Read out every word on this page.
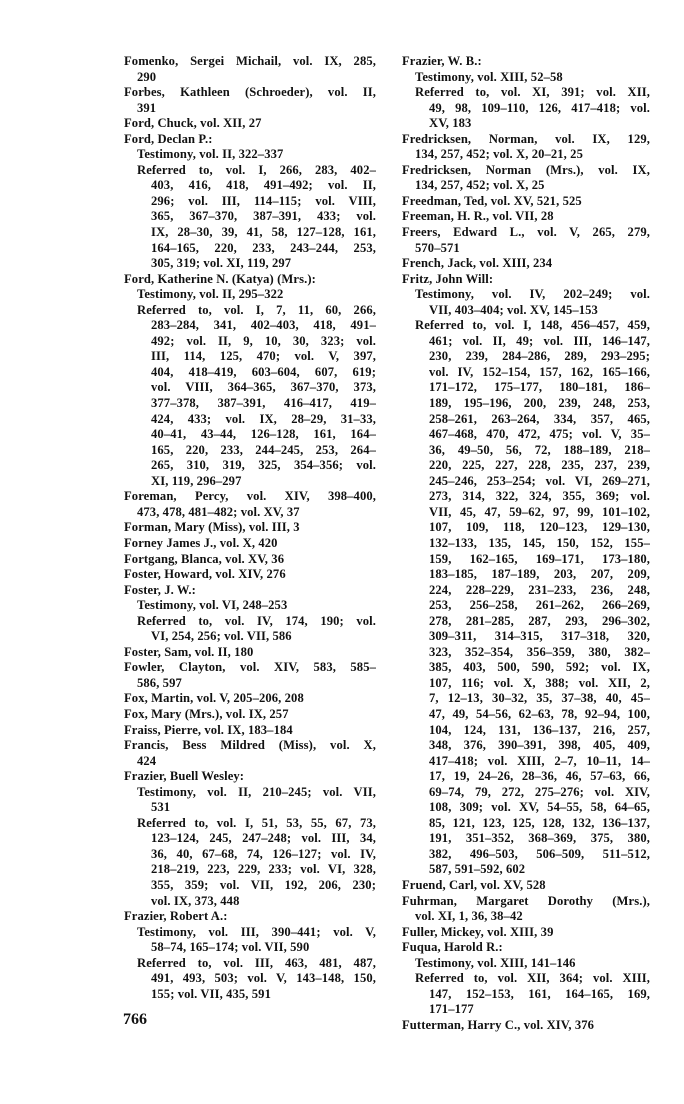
Fomenko, Sergei Michail, vol. IX, 285,
290
Forbes, Kathleen (Schroeder), vol. II,
391
Ford, Chuck, vol. XII, 27
Ford, Declan P.:
Testimony, vol. II, 322–337
Referred to, vol. I, 266, 283, 402–
403, 416, 418, 491–492; vol. II,
296; vol. III, 114–115; vol. VIII,
365, 367–370, 387–391, 433; vol.
IX, 28–30, 39, 41, 58, 127–128, 161,
164–165, 220, 233, 243–244, 253,
305, 319; vol. XI, 119, 297
Ford, Katherine N. (Katya) (Mrs.):
Testimony, vol. II, 295–322
Referred to, vol. I, 7, 11, 60, 266,
283–284, 341, 402–403, 418, 491–
492; vol. II, 9, 10, 30, 323; vol.
III, 114, 125, 470; vol. V, 397,
404, 418–419, 603–604, 607, 619;
vol. VIII, 364–365, 367–370, 373,
377–378, 387–391, 416–417, 419–
424, 433; vol. IX, 28–29, 31–33,
40–41, 43–44, 126–128, 161, 164–
165, 220, 233, 244–245, 253, 264–
265, 310, 319, 325, 354–356; vol.
XI, 119, 296–297
Foreman, Percy, vol. XIV, 398–400,
473, 478, 481–482; vol. XV, 37
Forman, Mary (Miss), vol. III, 3
Forney James J., vol. X, 420
Fortgang, Blanca, vol. XV, 36
Foster, Howard, vol. XIV, 276
Foster, J. W.:
Testimony, vol. VI, 248–253
Referred to, vol. IV, 174, 190; vol.
VI, 254, 256; vol. VII, 586
Foster, Sam, vol. II, 180
Fowler, Clayton, vol. XIV, 583, 585–
586, 597
Fox, Martin, vol. V, 205–206, 208
Fox, Mary (Mrs.), vol. IX, 257
Fraiss, Pierre, vol. IX, 183–184
Francis, Bess Mildred (Miss), vol. X,
424
Frazier, Buell Wesley:
Testimony, vol. II, 210–245; vol. VII,
531
Referred to, vol. I, 51, 53, 55, 67, 73,
123–124, 245, 247–248; vol. III, 34,
36, 40, 67–68, 74, 126–127; vol. IV,
218–219, 223, 229, 233; vol. VI, 328,
355, 359; vol. VII, 192, 206, 230;
vol. IX, 373, 448
Frazier, Robert A.:
Testimony, vol. III, 390–441; vol. V,
58–74, 165–174; vol. VII, 590
Referred to, vol. III, 463, 481, 487,
491, 493, 503; vol. V, 143–148, 150,
155; vol. VII, 435, 591
Frazier, W. B.:
Testimony, vol. XIII, 52–58
Referred to, vol. XI, 391; vol. XII,
49, 98, 109–110, 126, 417–418; vol.
XV, 183
Fredricksen, Norman, vol. IX, 129,
134, 257, 452; vol. X, 20–21, 25
Fredricksen, Norman (Mrs.), vol. IX,
134, 257, 452; vol. X, 25
Freedman, Ted, vol. XV, 521, 525
Freeman, H. R., vol. VII, 28
Freers, Edward L., vol. V, 265, 279,
570–571
French, Jack, vol. XIII, 234
Fritz, John Will:
Testimony, vol. IV, 202–249; vol.
VII, 403–404; vol. XV, 145–153
Referred to, vol. I, 148, 456–457, 459,
461; vol. II, 49; vol. III, 146–147,
230, 239, 284–286, 289, 293–295;
vol. IV, 152–154, 157, 162, 165–166,
171–172, 175–177, 180–181, 186–
189, 195–196, 200, 239, 248, 253,
258–261, 263–264, 334, 357, 465,
467–468, 470, 472, 475; vol. V, 35–
36, 49–50, 56, 72, 188–189, 218–
220, 225, 227, 228, 235, 237, 239,
245–246, 253–254; vol. VI, 269–271,
273, 314, 322, 324, 355, 369; vol.
VII, 45, 47, 59–62, 97, 99, 101–102,
107, 109, 118, 120–123, 129–130,
132–133, 135, 145, 150, 152, 155–
159, 162–165, 169–171, 173–180,
183–185, 187–189, 203, 207, 209,
224, 228–229, 231–233, 236, 248,
253, 256–258, 261–262, 266–269,
278, 281–285, 287, 293, 296–302,
309–311, 314–315, 317–318, 320,
323, 352–354, 356–359, 380, 382–
385, 403, 500, 590, 592; vol. IX,
107, 116; vol. X, 388; vol. XII, 2,
7, 12–13, 30–32, 35, 37–38, 40, 45–
47, 49, 54–56, 62–63, 78, 92–94, 100,
104, 124, 131, 136–137, 216, 257,
348, 376, 390–391, 398, 405, 409,
417–418; vol. XIII, 2–7, 10–11, 14–
17, 19, 24–26, 28–36, 46, 57–63, 66,
69–74, 79, 272, 275–276; vol. XIV,
108, 309; vol. XV, 54–55, 58, 64–65,
85, 121, 123, 125, 128, 132, 136–137,
191, 351–352, 368–369, 375, 380,
382, 496–503, 506–509, 511–512,
587, 591–592, 602
Fruend, Carl, vol. XV, 528
Fuhrman, Margaret Dorothy (Mrs.),
vol. XI, 1, 36, 38–42
Fuller, Mickey, vol. XIII, 39
Fuqua, Harold R.:
Testimony, vol. XIII, 141–146
Referred to, vol. XII, 364; vol. XIII,
147, 152–153, 161, 164–165, 169,
171–177
Futterman, Harry C., vol. XIV, 376
766
